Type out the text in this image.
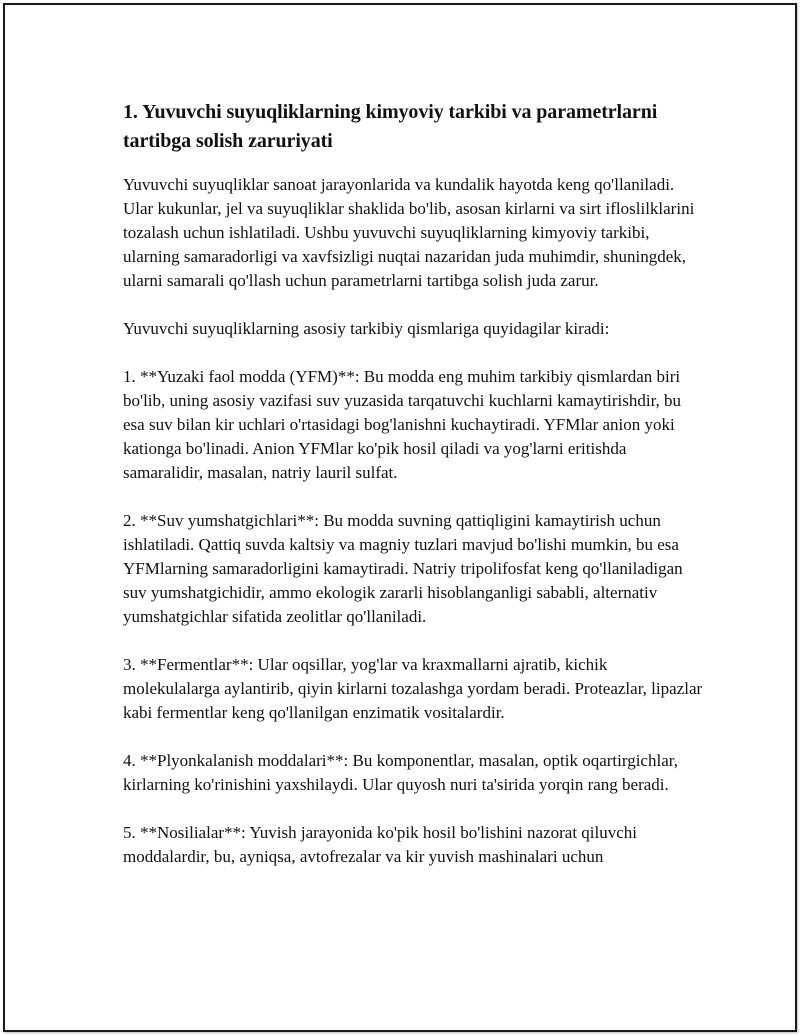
1. Yuvuvchi suyuqliklarning kimyoviy tarkibi va parametrlarni tartibga solish zaruriyati

Yuvuvchi suyuqliklar sanoat jarayonlarida va kundalik hayotda keng qo'llaniladi. Ular kukunlar, jel va suyuqliklar shaklida bo'lib, asosan kirlarni va sirt ifloslilklarini tozalash uchun ishlatiladi. Ushbu yuvuvchi suyuqliklarning kimyoviy tarkibi, ularning samaradorligi va xavfsizligi nuqtai nazaridan juda muhimdir, shuningdek, ularni samarali qo'llash uchun parametrlarni tartibga solish juda zarur.

Yuvuvchi suyuqliklarning asosiy tarkibiy qismlariga quyidagilar kiradi:

1. **Yuzaki faol modda (YFM)**: Bu modda eng muhim tarkibiy qismlardan biri bo'lib, uning asosiy vazifasi suv yuzasida tarqatuvchi kuchlarni kamaytirishdir, bu esa suv bilan kir uchlari o'rtasidagi bog'lanishni kuchaytiradi. YFMlar anion yoki kationga bo'linadi. Anion YFMlar ko'pik hosil qiladi va yog'larni eritishda samaralidir, masalan, natriy lauril sulfat.

2. **Suv yumshatgichlari**: Bu modda suvning qattiqligini kamaytirish uchun ishlatiladi. Qattiq suvda kaltsiy va magniy tuzlari mavjud bo'lishi mumkin, bu esa YFMlarning samaradorligini kamaytiradi. Natriy tripolifosfat keng qo'llaniladigan suv yumshatgichidir, ammo ekologik zararli hisoblanganligi sababli, alternativ yumshatgichlar sifatida zeolitlar qo'llaniladi.

3. **Fermentlar**: Ular oqsillar, yog'lar va kraxmallarni ajratib, kichik molekulalarga aylantirib, qiyin kirlarni tozalashga yordam beradi. Proteazlar, lipazlar kabi fermentlar keng qo'llanilgan enzimatik vositalardir.

4. **Plyonkalanish moddalari**: Bu komponentlar, masalan, optik oqartirgichlar, kirlarning ko'rinishini yaxshilaydi. Ular quyosh nuri ta'sirida yorqin rang beradi.

5. **Nosilialar**: Yuvish jarayonida ko'pik hosil bo'lishini nazorat qiluvchi moddalardir, bu, ayniqsa, avtofrezalar va kir yuvish mashinalari uchun
